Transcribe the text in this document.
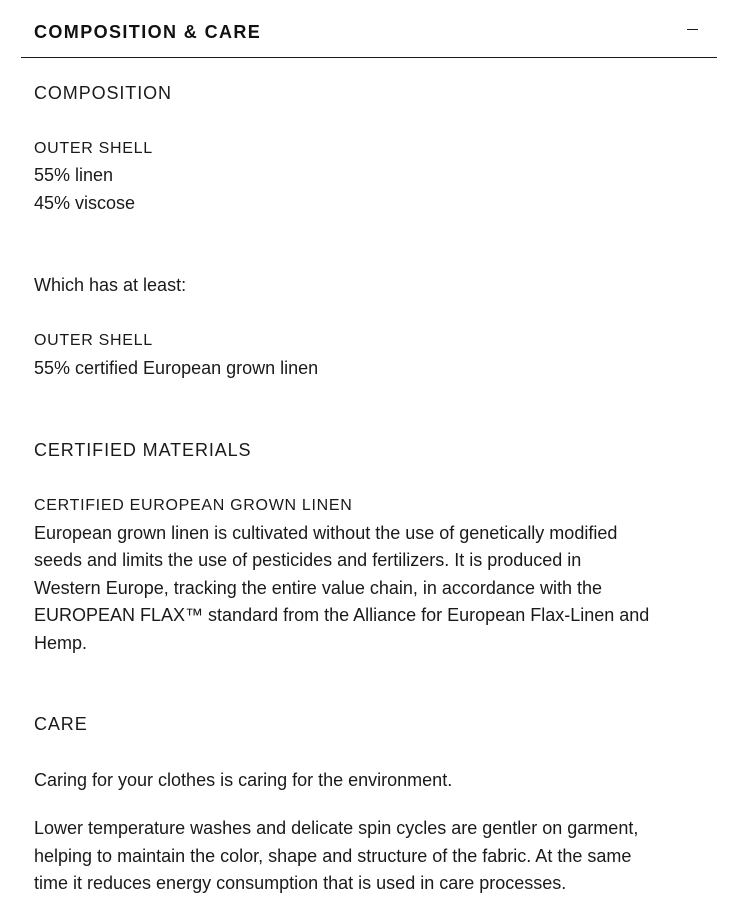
COMPOSITION & CARE

COMPOSITION

OUTER SHELL

55% linen

45% viscose

Which has at least:

OUTER SHELL

55% certified European grown linen

CERTIFIED MATERIALS

CERTIFIED EUROPEAN GROWN LINEN

European grown linen is cultivated without the use of genetically modified

seeds and limits the use of pesticides and fertilizers. It is produced in

Western Europe, tracking the entire value chain, in accordance with the

EUROPEAN FLAX™ standard from the Alliance for European Flax-Linen and

Hemp.

CARE

Caring for your clothes is caring for the environment.

Lower temperature washes and delicate spin cycles are gentler on garment,

helping to maintain the color, shape and structure of the fabric. At the same

time it reduces energy consumption that is used in care processes.
